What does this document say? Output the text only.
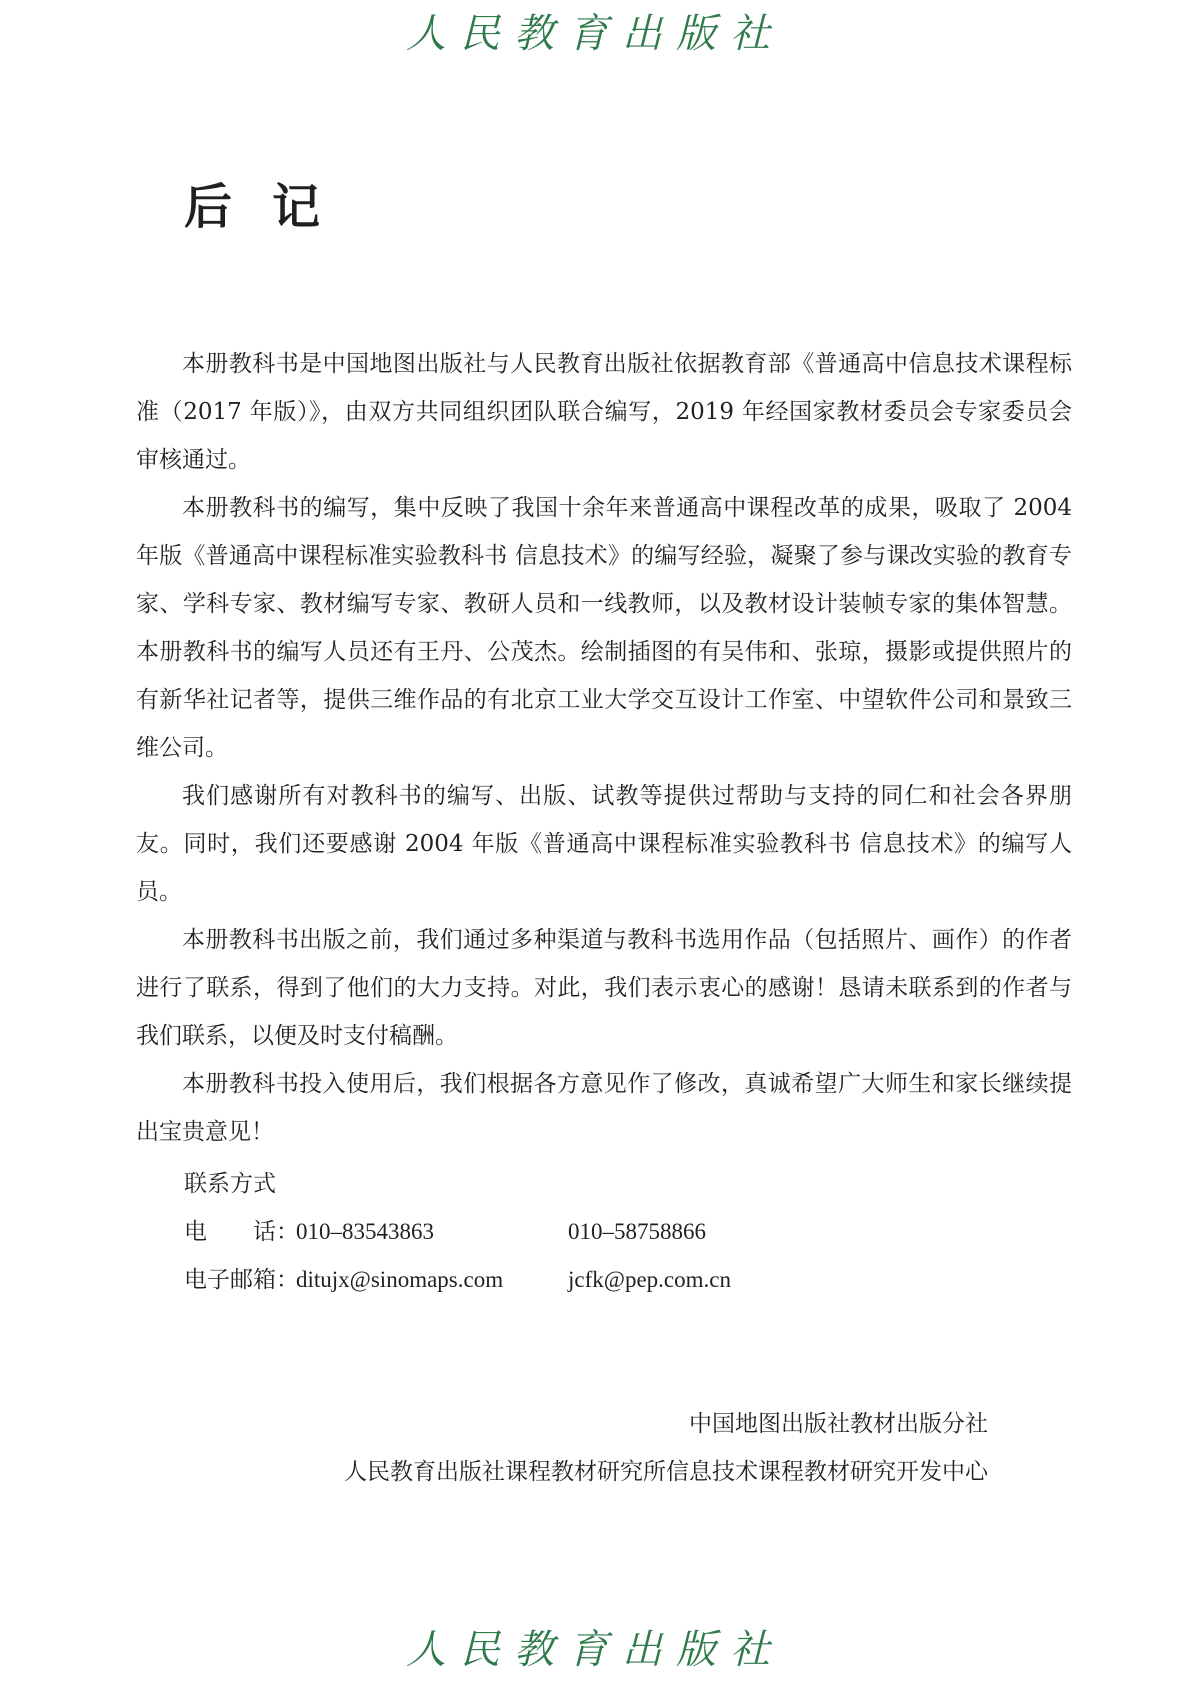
人民教育出版社
后记

本册教科书是中国地图出版社与人民教育出版社依据教育部《普通高中信息技术课程标准（2017 年版）》，由双方共同组织团队联合编写，2019 年经国家教材委员会专家委员会审核通过。

本册教科书的编写，集中反映了我国十余年来普通高中课程改革的成果，吸取了 2004 年版《普通高中课程标准实验教科书 信息技术》的编写经验，凝聚了参与课改实验的教育专家、学科专家、教材编写专家、教研人员和一线教师，以及教材设计装帧专家的集体智慧。本册教科书的编写人员还有王丹、公茂杰。绘制插图的有吴伟和、张琼，摄影或提供照片的有新华社记者等，提供三维作品的有北京工业大学交互设计工作室、中望软件公司和景致三维公司。

我们感谢所有对教科书的编写、出版、试教等提供过帮助与支持的同仁和社会各界朋友。同时，我们还要感谢 2004 年版《普通高中课程标准实验教科书 信息技术》的编写人员。

本册教科书出版之前，我们通过多种渠道与教科书选用作品（包括照片、画作）的作者进行了联系，得到了他们的大力支持。对此，我们表示衷心的感谢！恳请未联系到的作者与我们联系，以便及时支付稿酬。

本册教科书投入使用后，我们根据各方意见作了修改，真诚希望广大师生和家长继续提出宝贵意见！

联系方式
电　　话：
010–83543863	010–58758866
电子邮箱：
ditujx@sinomaps.com	jcfk@pep.com.cn
中国地图出版社教材出版分社
人民教育出版社课程教材研究所信息技术课程教材研究开发中心
人民教育出版社
